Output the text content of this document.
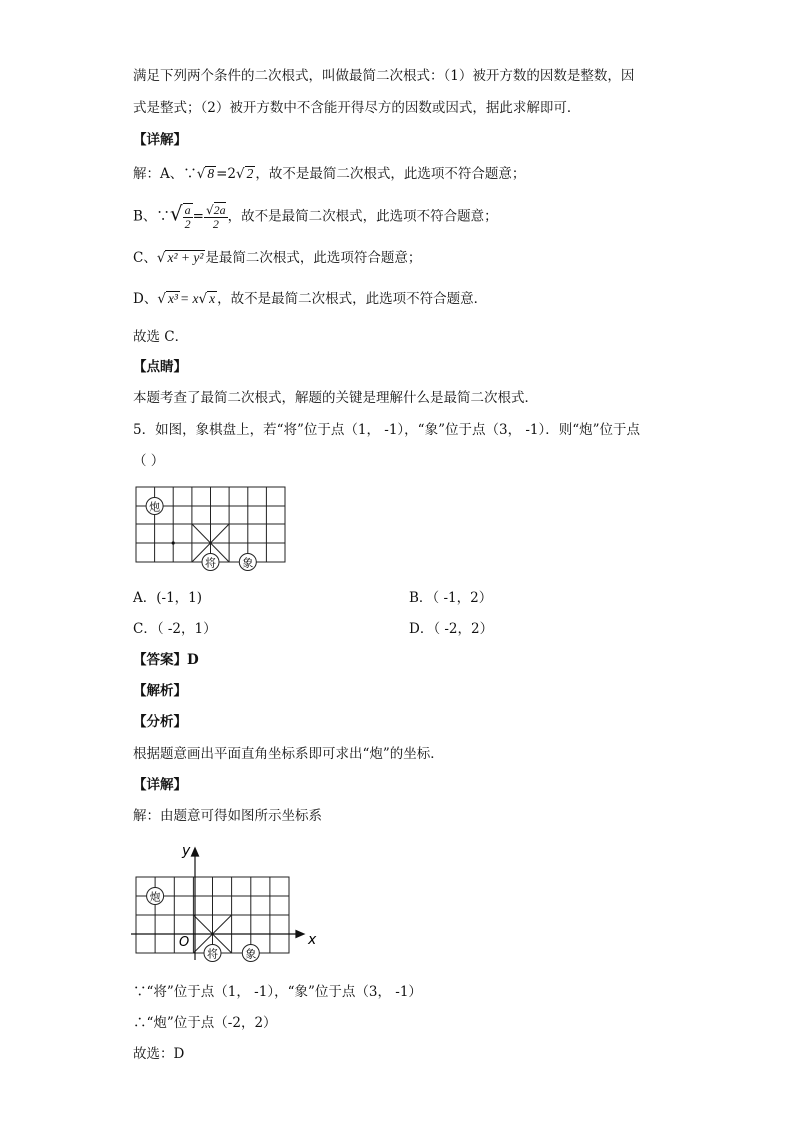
满足下列两个条件的二次根式，叫做最简二次根式：（1）被开方数的因数是整数，因
式是整式；（2）被开方数中不含能开得尽方的因数或因式，据此求解即可．
【详解】
解：A、∵√ 8 =2√ 2 ，故不是最简二次根式，此选项不符合题意；
B、∵√ $\frac{a}{2} = \frac{√2a}{2}$ ，故不是最简二次根式，此选项不符合题意；
C、√ x² + y² 是最简二次根式，此选项符合题意；
D、√ x³ = x√ x ，故不是最简二次根式，此选项不符合题意．
故选 C．
【点睛】
本题考查了最简二次根式，解题的关键是理解什么是最简二次根式．
5．如图，象棋盘上，若“将”位于点（1， -1），“象”位于点（3， -1）．则“炮”位于点
（ ）
炮
将 象
A．(-1，1)	B．（ -1，2）
C．（ -2，1）	D．（ -2，2）
【答案】D
【解析】
【分析】
根据题意画出平面直角坐标系即可求出“炮”的坐标．
【详解】
解：由题意可得如图所示坐标系
y
x
O
炮
将 象
∵“将”位于点（1， -1），“象”位于点（3， -1）
∴“炮”位于点（-2，2）
故选：D
